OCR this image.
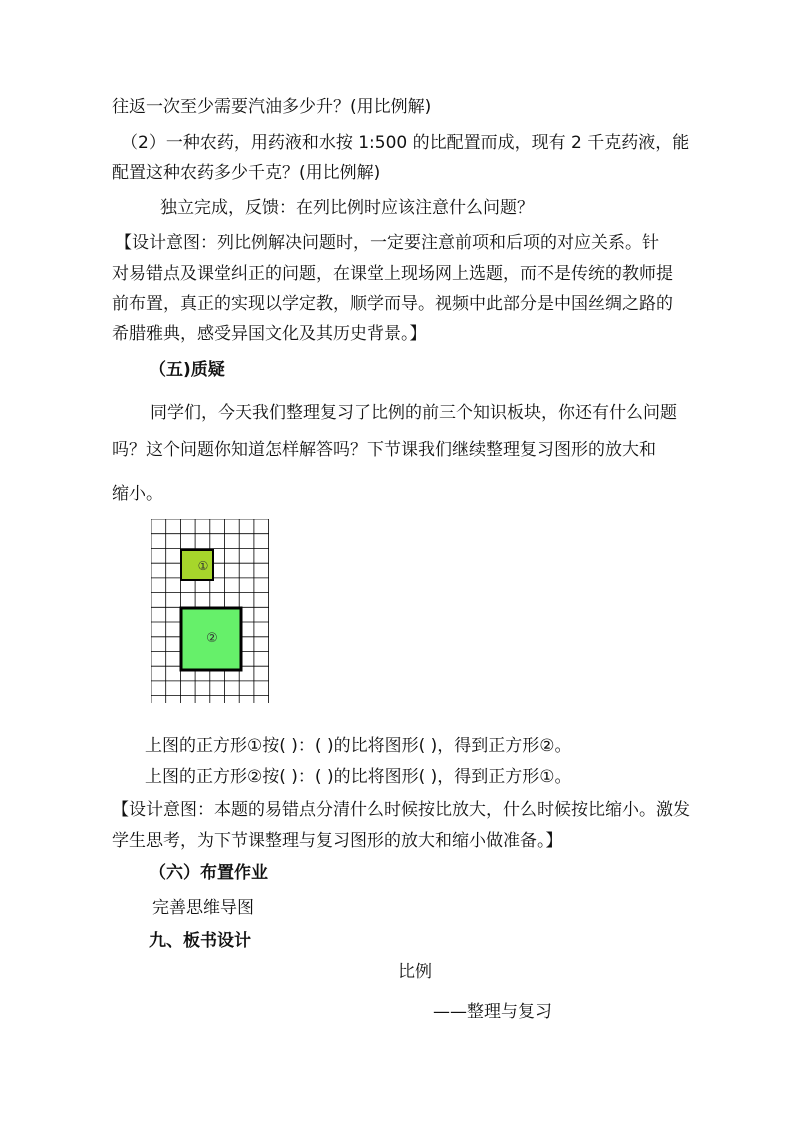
往返一次至少需要汽油多少升？(用比例解)
（2）一种农药，用药液和水按 1:500 的比配置而成，现有 2 千克药液，能
配置这种农药多少千克？(用比例解)
独立完成，反馈：在列比例时应该注意什么问题？
【设计意图：列比例解决问题时，一定要注意前项和后项的对应关系。针
对易错点及课堂纠正的问题，在课堂上现场网上选题，而不是传统的教师提
前布置，真正的实现以学定教，顺学而导。视频中此部分是中国丝绸之路的
希腊雅典，感受异国文化及其历史背景。】
（五)质疑
同学们，今天我们整理复习了比例的前三个知识板块，你还有什么问题
吗？这个问题你知道怎样解答吗？下节课我们继续整理复习图形的放大和
缩小。
①
②
上图的正方形①按( )：( )的比将图形( )，得到正方形②。
上图的正方形②按( )：( )的比将图形( )，得到正方形①。
【设计意图：本题的易错点分清什么时候按比放大，什么时候按比缩小。激发
学生思考，为下节课整理与复习图形的放大和缩小做准备。】
（六）布置作业
完善思维导图
九、板书设计
比例
——整理与复习
